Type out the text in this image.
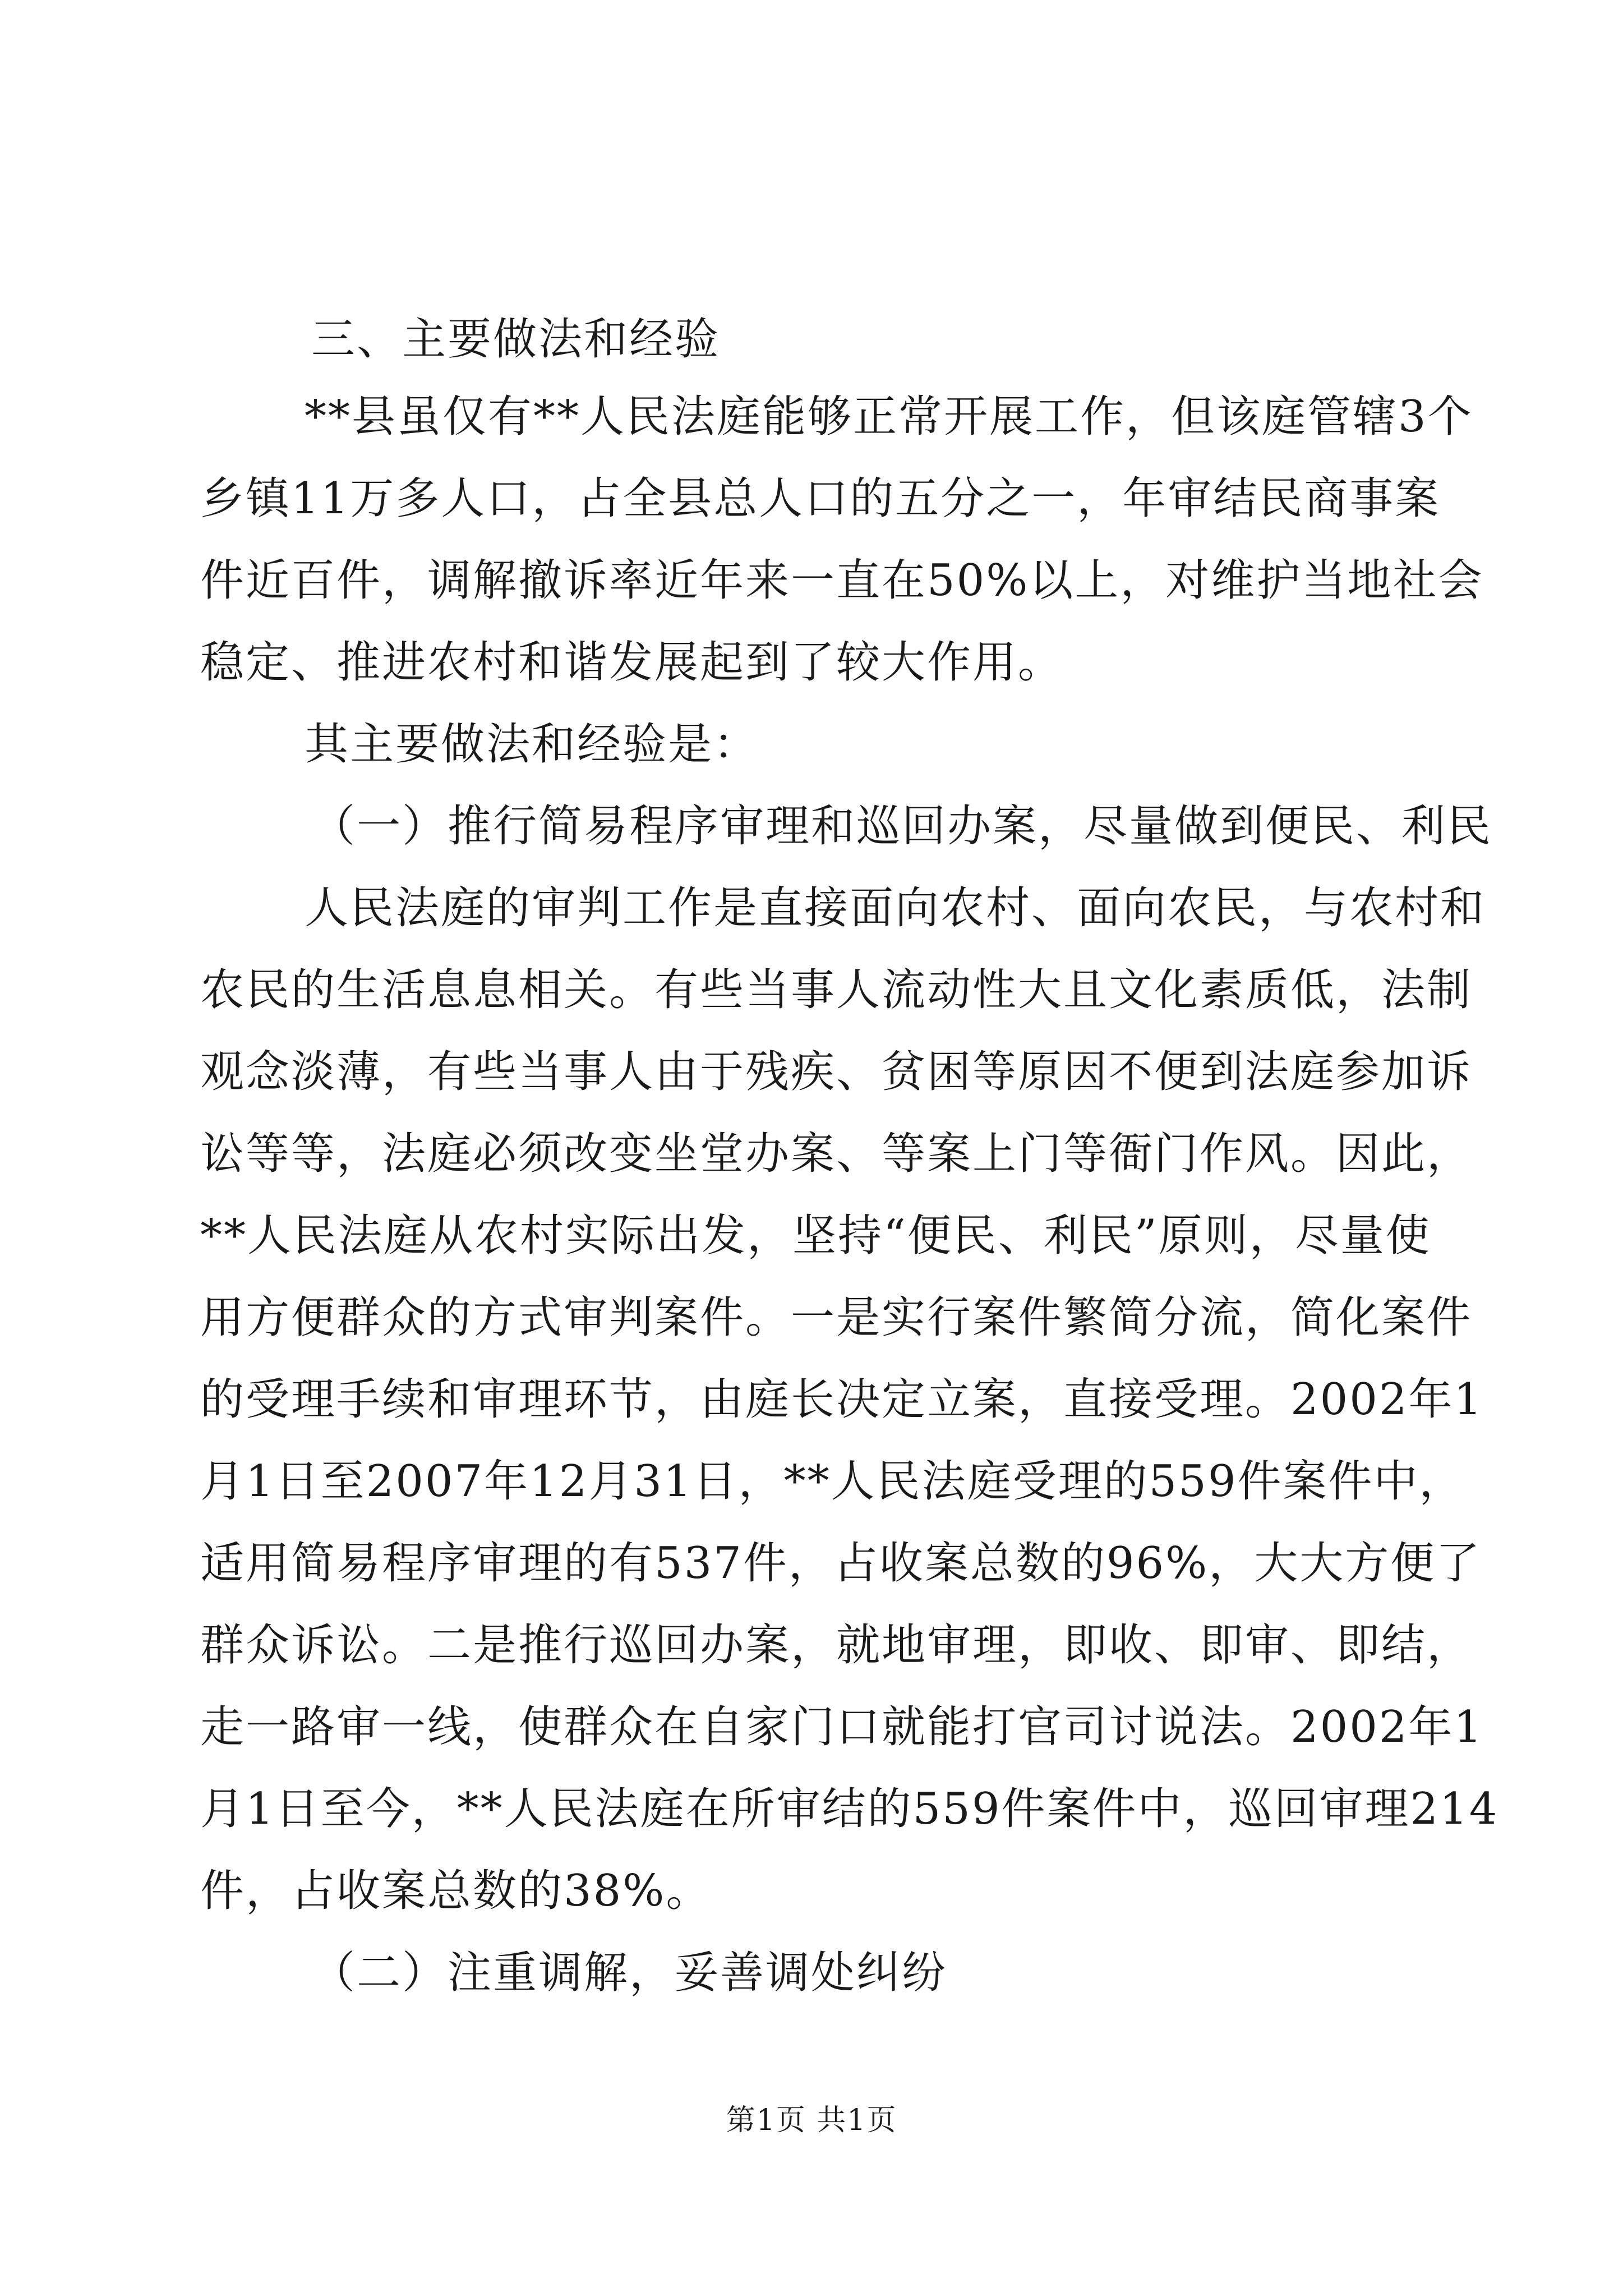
三、主要做法和经验
**县虽仅有**人民法庭能够正常开展工作，但该庭管辖3个
乡镇11万多人口，占全县总人口的五分之一，年审结民商事案
件近百件，调解撤诉率近年来一直在50%以上，对维护当地社会
稳定、推进农村和谐发展起到了较大作用。
其主要做法和经验是：
（一）推行简易程序审理和巡回办案，尽量做到便民、利民
人民法庭的审判工作是直接面向农村、面向农民，与农村和
农民的生活息息相关。有些当事人流动性大且文化素质低，法制
观念淡薄，有些当事人由于残疾、贫困等原因不便到法庭参加诉
讼等等，法庭必须改变坐堂办案、等案上门等衙门作风。因此，
**人民法庭从农村实际出发，坚持“便民、利民”原则，尽量使
用方便群众的方式审判案件。一是实行案件繁简分流，简化案件
的受理手续和审理环节，由庭长决定立案，直接受理。2002年1
月1日至2007年12月31日，**人民法庭受理的559件案件中，
适用简易程序审理的有537件，占收案总数的96%，大大方便了
群众诉讼。二是推行巡回办案，就地审理，即收、即审、即结，
走一路审一线，使群众在自家门口就能打官司讨说法。2002年1
月1日至今，**人民法庭在所审结的559件案件中，巡回审理214
件，占收案总数的38%。
（二）注重调解，妥善调处纠纷
第1页 共1页
